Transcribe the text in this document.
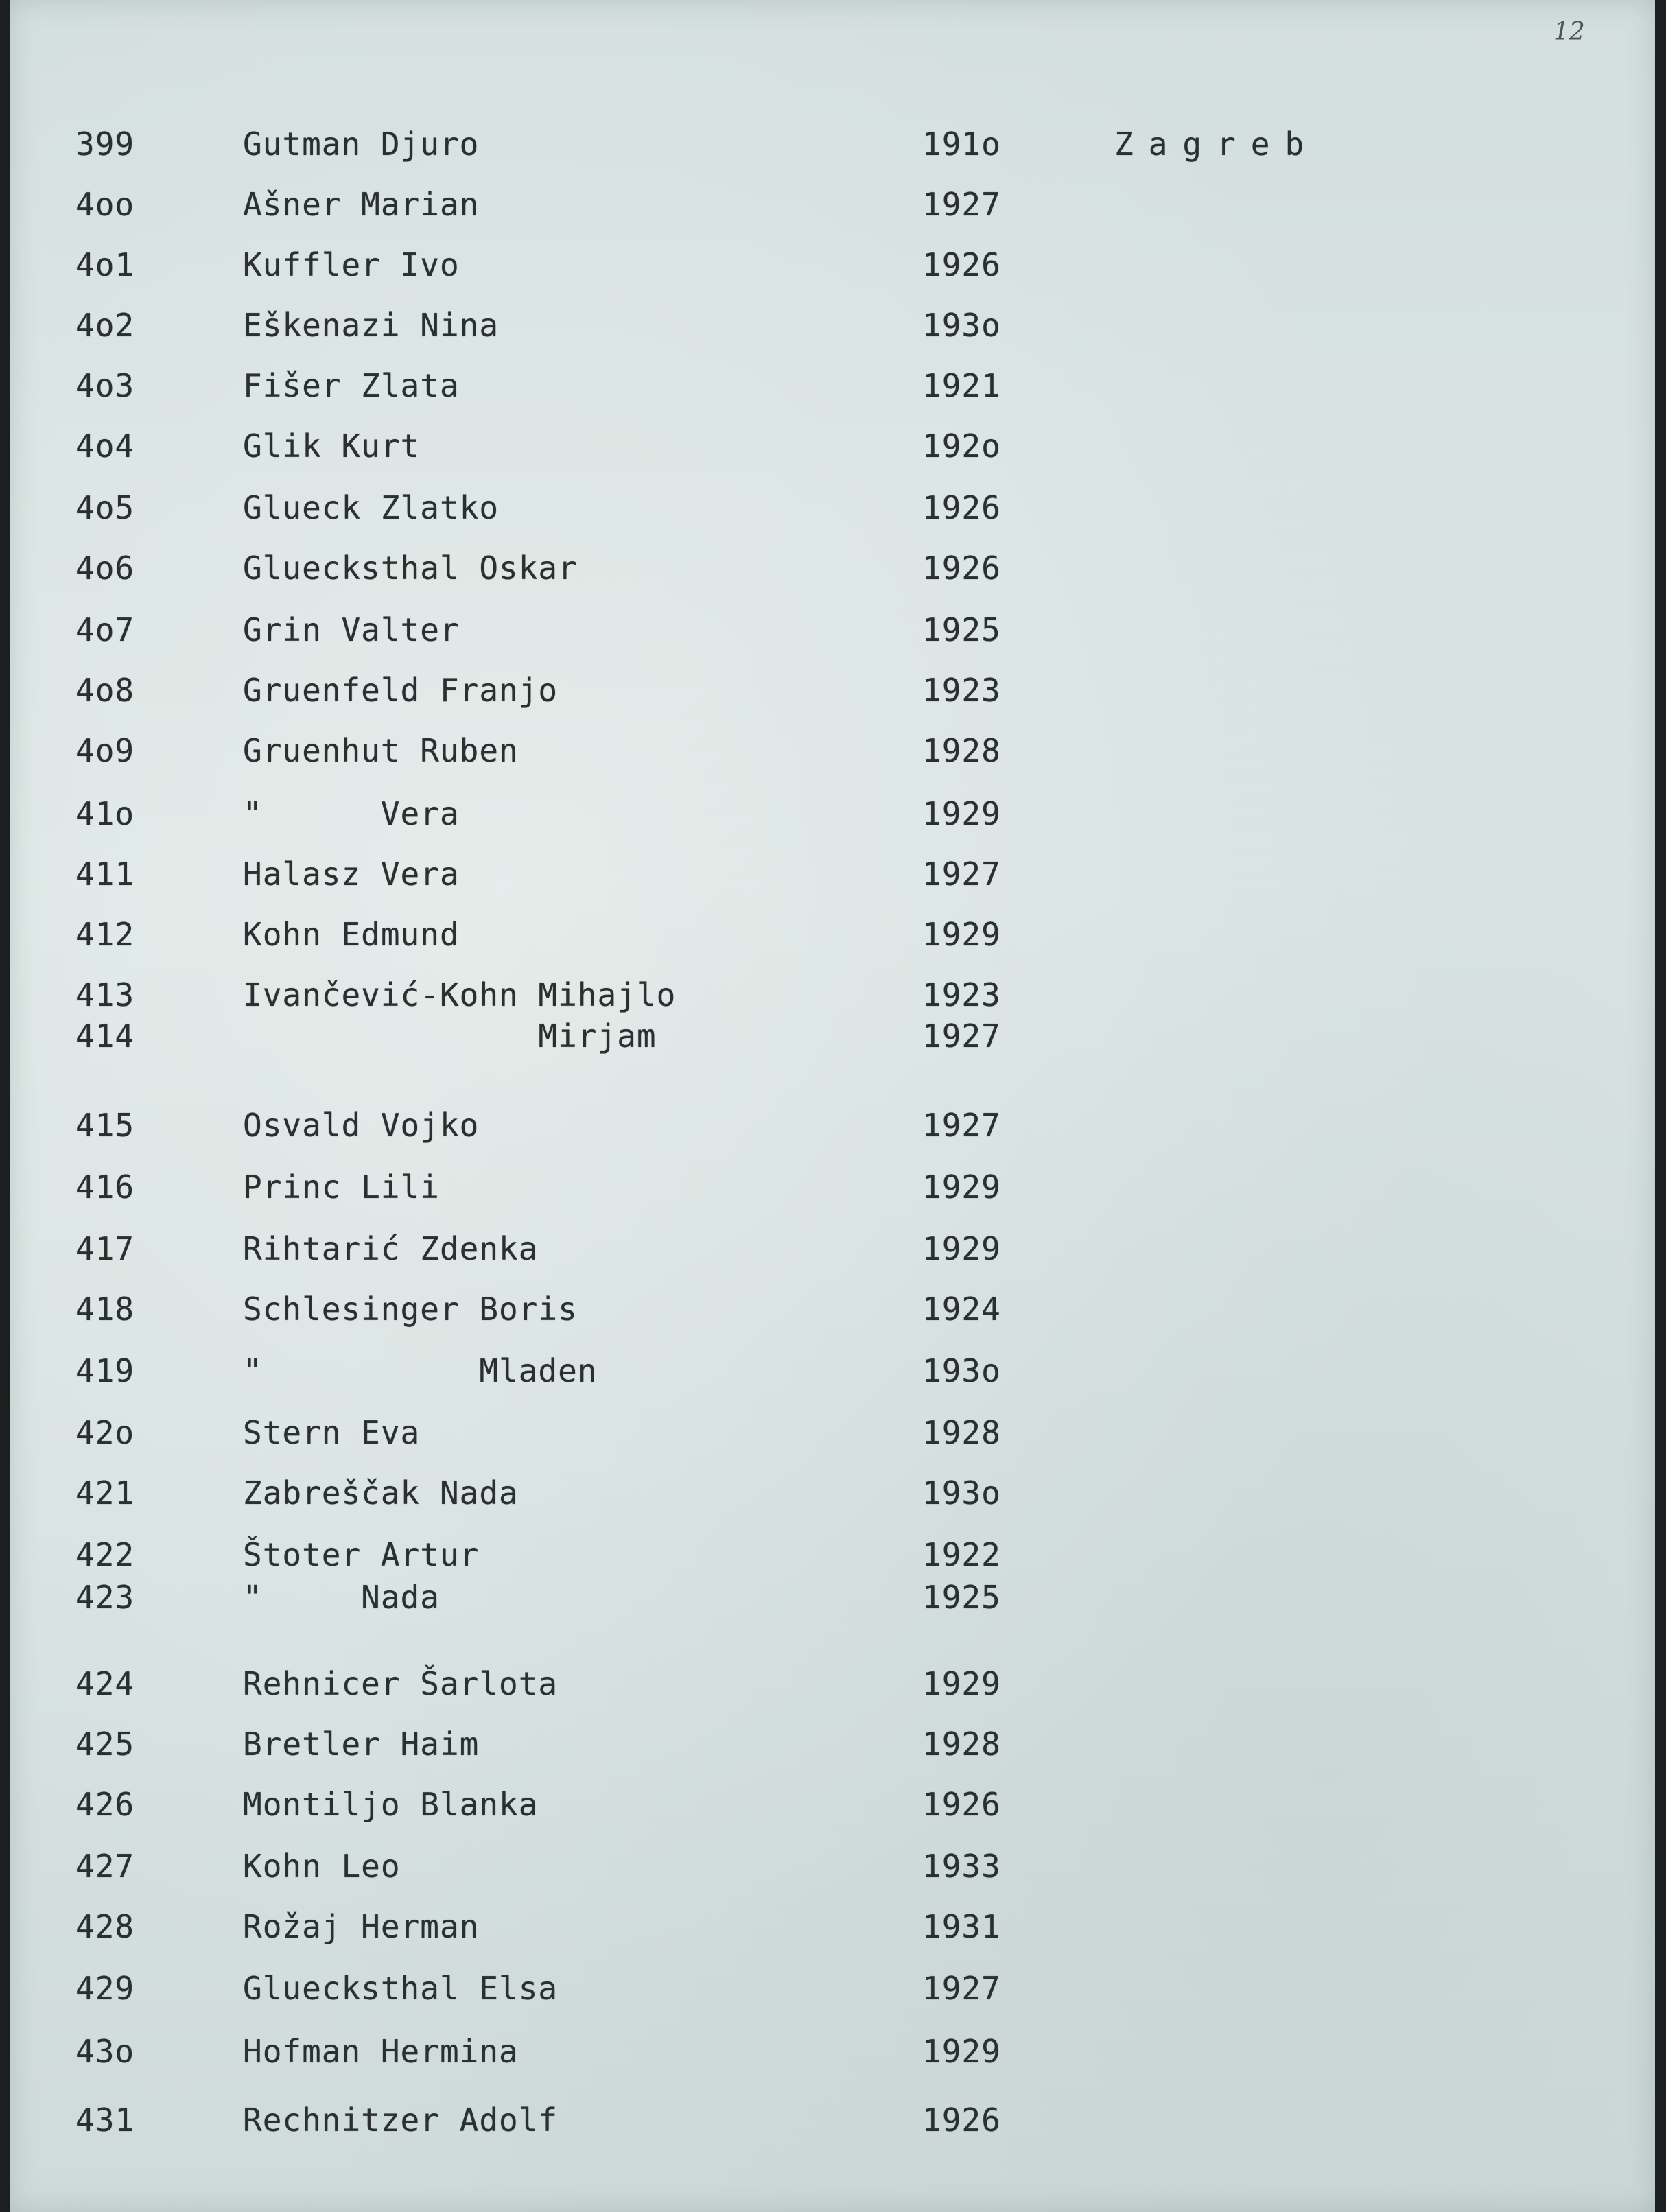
12
399	Gutman Djuro	191o	Zagreb
4oo	Ašner Marian	1927
4o1	Kuffler Ivo	1926
4o2	Eškenazi Nina	193o
4o3	Fišer Zlata	1921
4o4	Glik Kurt	192o
4o5	Glueck Zlatko	1926
4o6	Gluecksthal Oskar	1926
4o7	Grin Valter	1925
4o8	Gruenfeld Franjo	1923
4o9	Gruenhut Ruben	1928
41o	"      Vera	1929
411	Halasz Vera	1927
412	Kohn Edmund	1929
413	Ivančević-Kohn Mihajlo	1923
414	Mirjam	1927
415	Osvald Vojko	1927
416	Princ Lili	1929
417	Rihtarić Zdenka	1929
418	Schlesinger Boris	1924
419	"           Mladen	193o
42o	Stern Eva	1928
421	Zabreščak Nada	193o
422	Štoter Artur	1922
423	"     Nada	1925
424	Rehnicer Šarlota	1929
425	Bretler Haim	1928
426	Montiljo Blanka	1926
427	Kohn Leo	1933
428	Rožaj Herman	1931
429	Gluecksthal Elsa	1927
43o	Hofman Hermina	1929
431	Rechnitzer Adolf	1926
